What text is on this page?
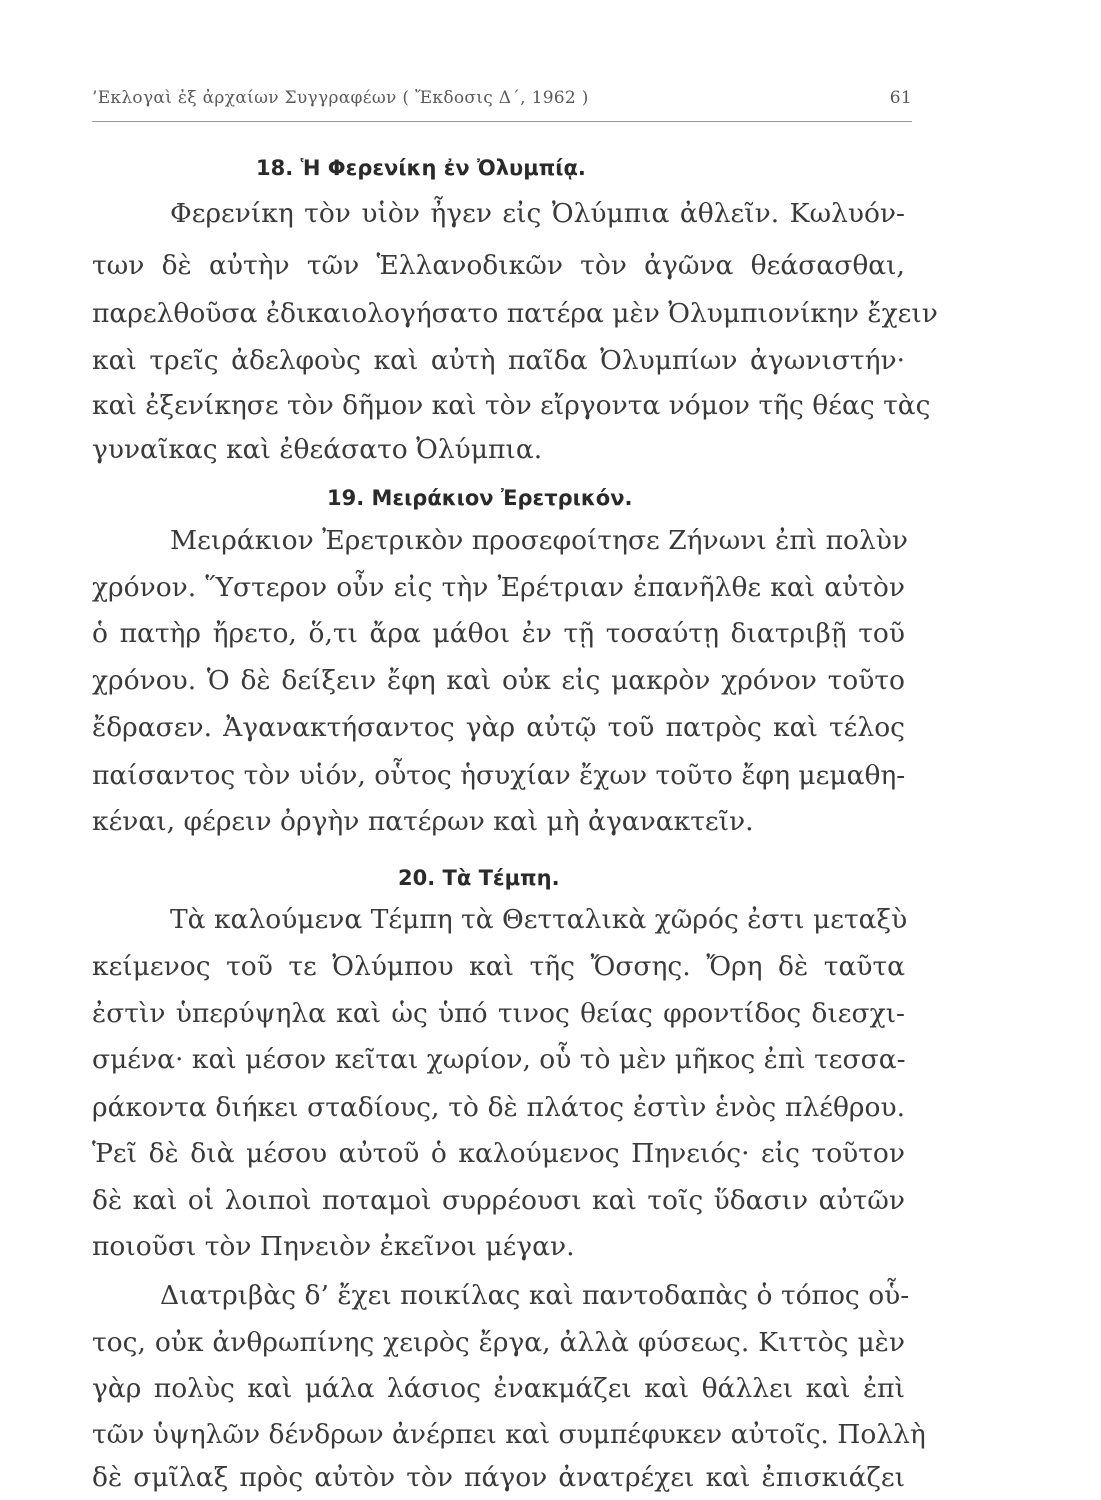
’Εκλογαὶ ἐξ ἀρχαίων Συγγραφέων ( Ἔκδοσις Δ΄, 1962 )	61
18. Ἡ Φερενίκη ἐν Ὀλυμπίᾳ.
Φερενίκη τὸν υἱὸν ἦγεν εἰς Ὀλύμπια ἀθλεῖν. Κωλυόν-
των δὲ αὐτὴν τῶν Ἑλλανοδικῶν τὸν ἀγῶνα θεάσασθαι,
παρελθοῦσα ἐδικαιολογήσατο πατέρα μὲν Ὀλυμπιονίκην ἔχειν
καὶ τρεῖς ἀδελφοὺς καὶ αὐτὴ παῖδα Ὀλυμπίων ἀγωνιστήν·
καὶ ἐξενίκησε τὸν δῆμον καὶ τὸν εἴργοντα νόμον τῆς θέας τὰς
γυναῖκας καὶ ἐθεάσατο Ὀλύμπια.
19. Μειράκιον Ἐρετρικόν.
Μειράκιον Ἐρετρικὸν προσεφοίτησε Ζήνωνι ἐπὶ πολὺν
χρόνον. Ὕστερον οὖν εἰς τὴν Ἐρέτριαν ἐπανῆλθε καὶ αὐτὸν
ὁ πατὴρ ἤρετο, ὅ,τι ἄρα μάθοι ἐν τῇ τοσαύτῃ διατριβῇ τοῦ
χρόνου. Ὁ δὲ δείξειν ἔφη καὶ οὐκ εἰς μακρὸν χρόνον τοῦτο
ἔδρασεν. Ἀγανακτήσαντος γὰρ αὐτῷ τοῦ πατρὸς καὶ τέλος
παίσαντος τὸν υἱόν, οὗτος ἡσυχίαν ἔχων τοῦτο ἔφη μεμαθη-
κέναι, φέρειν ὀργὴν πατέρων καὶ μὴ ἀγανακτεῖν.
20. Τὰ Τέμπη.
Τὰ καλούμενα Τέμπη τὰ Θετταλικὰ χῶρός ἐστι μεταξὺ
κείμενος τοῦ τε Ὀλύμπου καὶ τῆς Ὄσσης. Ὄρη δὲ ταῦτα
ἐστὶν ὑπερύψηλα καὶ ὡς ὑπό τινος θείας φροντίδος διεσχι-
σμένα· καὶ μέσον κεῖται χωρίον, οὗ τὸ μὲν μῆκος ἐπὶ τεσσα-
ράκοντα διήκει σταδίους, τὸ δὲ πλάτος ἐστὶν ἑνὸς πλέθρου.
Ῥεῖ δὲ διὰ μέσου αὐτοῦ ὁ καλούμενος Πηνειός· εἰς τοῦτον
δὲ καὶ οἱ λοιποὶ ποταμοὶ συρρέουσι καὶ τοῖς ὕδασιν αὐτῶν
ποιοῦσι τὸν Πηνειὸν ἐκεῖνοι μέγαν.
Διατριβὰς δ’ ἔχει ποικίλας καὶ παντοδαπὰς ὁ τόπος οὗ-
τος, οὐκ ἀνθρωπίνης χειρὸς ἔργα, ἀλλὰ φύσεως. Κιττὸς μὲν
γὰρ πολὺς καὶ μάλα λάσιος ἐνακμάζει καὶ θάλλει καὶ ἐπὶ
τῶν ὑψηλῶν δένδρων ἀνέρπει καὶ συμπέφυκεν αὐτοῖς. Πολλὴ
δὲ σμῖλαξ πρὸς αὐτὸν τὸν πάγον ἀνατρέχει καὶ ἐπισκιάζει
